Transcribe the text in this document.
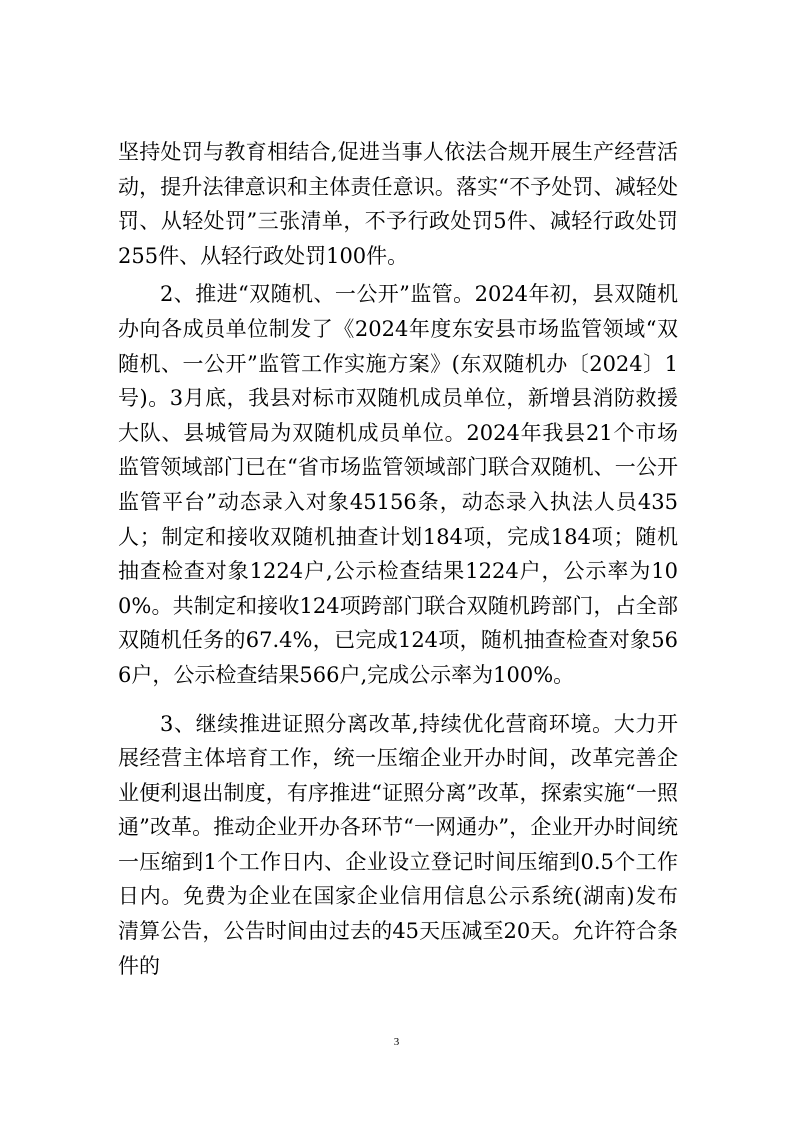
坚持处罚与教育相结合,促进当事人依法合规开展生产经营活动，提升法律意识和主体责任意识。落实“不予处罚、减轻处罚、从轻处罚”三张清单，不予行政处罚5件、减轻行政处罚255件、从轻行政处罚100件。

2、推进“双随机、一公开”监管。2024年初，县双随机办向各成员单位制发了《2024年度东安县市场监管领域“双随机、一公开”监管工作实施方案》(东双随机办〔2024〕1号)。3月底，我县对标市双随机成员单位，新增县消防救援大队、县城管局为双随机成员单位。2024年我县21个市场监管领域部门已在“省市场监管领域部门联合双随机、一公开监管平台”动态录入对象45156条，动态录入执法人员435人；制定和接收双随机抽查计划184项，完成184项；随机抽查检查对象1224户,公示检查结果1224户，公示率为100%。共制定和接收124项跨部门联合双随机跨部门，占全部双随机任务的67.4%，已完成124项，随机抽查检查对象566户，公示检查结果566户,完成公示率为100%。

3、继续推进证照分离改革,持续优化营商环境。大力开展经营主体培育工作，统一压缩企业开办时间，改革完善企业便利退出制度，有序推进“证照分离”改革，探索实施“一照通”改革。推动企业开办各环节“一网通办”，企业开办时间统一压缩到1个工作日内、企业设立登记时间压缩到0.5个工作日内。免费为企业在国家企业信用信息公示系统(湖南)发布清算公告，公告时间由过去的45天压减至20天。允许符合条件的

3
